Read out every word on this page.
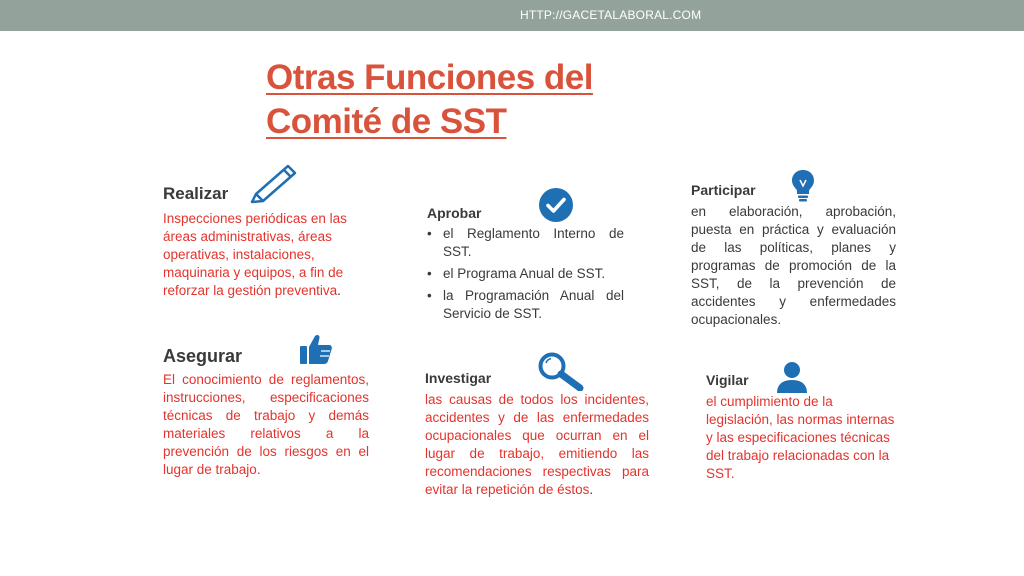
HTTP://GACETALABORAL.COM
Otras Funciones del
Comité de SST
Realizar
Inspecciones periódicas en las áreas administrativas, áreas operativas, instalaciones, maquinaria y equipos, a fin de reforzar la gestión preventiva.
Aprobar
• el Reglamento Interno de SST.
• el Programa Anual de SST.
• la Programación Anual del Servicio de SST.
Participar
en elaboración, aprobación, puesta en práctica y evaluación de las políticas, planes y programas de promoción de la SST, de la prevención de accidentes y enfermedades ocupacionales.
Asegurar
El conocimiento de reglamentos, instrucciones, especificaciones técnicas de trabajo y demás materiales relativos a la prevención de los riesgos en el lugar de trabajo.
Investigar
las causas de todos los incidentes, accidentes y de las enfermedades ocupacionales que ocurran en el lugar de trabajo, emitiendo las recomendaciones respectivas para evitar la repetición de éstos.
Vigilar
el cumplimiento de la legislación, las normas internas y las especificaciones técnicas del trabajo relacionadas con la SST.
